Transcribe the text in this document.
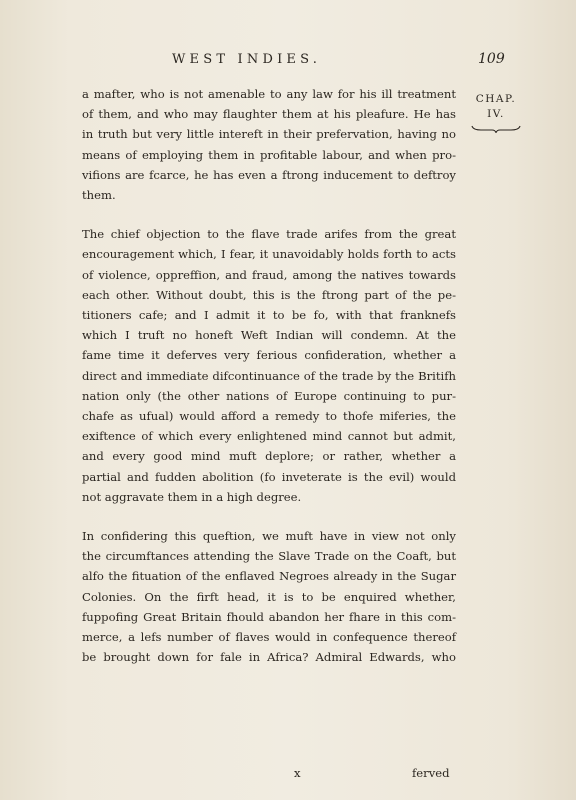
WEST INDIES.	109
CHAP.
IV.
a mafter, who is not amenable to any law for his ill treatment
of them, and who may flaughter them at his pleafure. He has
in truth but very little intereft in their prefervation, having no
means of employing them in profitable labour, and when pro-
vifions are fcarce, he has even a ftrong inducement to deftroy
them.
The chief objection to the flave trade arifes from the great
encouragement which, I fear, it unavoidably holds forth to acts
of violence, oppreffion, and fraud, among the natives towards
each other. Without doubt, this is the ftrong part of the pe-
titioners cafe; and I admit it to be fo, with that franknefs
which I truft no honeft Weft Indian will condemn. At the
fame time it deferves very ferious confideration, whether a
direct and immediate difcontinuance of the trade by the Britifh
nation only (the other nations of Europe continuing to pur-
chafe as ufual) would afford a remedy to thofe miferies, the
exiftence of which every enlightened mind cannot but admit,
and every good mind muft deplore; or rather, whether a
partial and fudden abolition (fo inveterate is the evil) would
not aggravate them in a high degree.
In confidering this queftion, we muft have in view not only
the circumftances attending the Slave Trade on the Coaft, but
alfo the fituation of the enflaved Negroes already in the Sugar
Colonies. On the firft head, it is to be enquired whether,
fuppofing Great Britain fhould abandon her fhare in this com-
merce, a lefs number of flaves would in confequence thereof
be brought down for fale in Africa? Admiral Edwards, who
x	ferved
